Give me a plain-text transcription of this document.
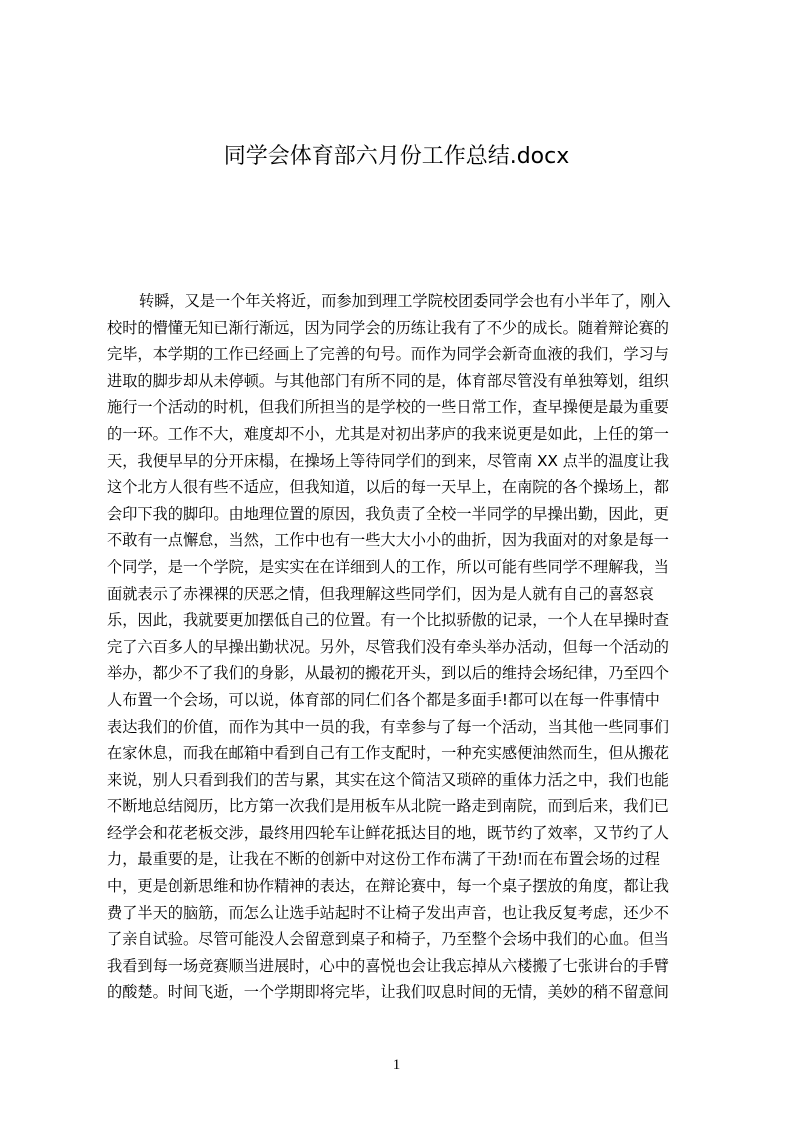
同学会体育部六月份工作总结.docx
转瞬，又是一个年关将近，而参加到理工学院校团委同学会也有小半年了，刚入
校时的懵懂无知已渐行渐远，因为同学会的历练让我有了不少的成长。随着辩论赛的
完毕，本学期的工作已经画上了完善的句号。而作为同学会新奇血液的我们，学习与
进取的脚步却从未停顿。与其他部门有所不同的是，体育部尽管没有单独筹划，组织
施行一个活动的时机，但我们所担当的是学校的一些日常工作，查早操便是最为重要
的一环。工作不大，难度却不小，尤其是对初出茅庐的我来说更是如此，上任的第一
天，我便早早的分开床榻，在操场上等待同学们的到来，尽管南 XX 点半的温度让我
这个北方人很有些不适应，但我知道，以后的每一天早上，在南院的各个操场上，都
会印下我的脚印。由地理位置的原因，我负责了全校一半同学的早操出勤，因此，更
不敢有一点懈怠，当然，工作中也有一些大大小小的曲折，因为我面对的对象是每一
个同学，是一个学院，是实实在在详细到人的工作，所以可能有些同学不理解我，当
面就表示了赤裸裸的厌恶之情，但我理解这些同学们，因为是人就有自己的喜怒哀
乐，因此，我就要更加摆低自己的位置。有一个比拟骄傲的记录，一个人在早操时查
完了六百多人的早操出勤状况。另外，尽管我们没有牵头举办活动，但每一个活动的
举办，都少不了我们的身影，从最初的搬花开头，到以后的维持会场纪律，乃至四个
人布置一个会场，可以说，体育部的同仁们各个都是多面手!都可以在每一件事情中
表达我们的价值，而作为其中一员的我，有幸参与了每一个活动，当其他一些同事们
在家休息，而我在邮箱中看到自己有工作支配时，一种充实感便油然而生，但从搬花
来说，别人只看到我们的苦与累，其实在这个简洁又琐碎的重体力活之中，我们也能
不断地总结阅历，比方第一次我们是用板车从北院一路走到南院，而到后来，我们已
经学会和花老板交涉，最终用四轮车让鲜花抵达目的地，既节约了效率，又节约了人
力，最重要的是，让我在不断的创新中对这份工作布满了干劲!而在布置会场的过程
中，更是创新思维和协作精神的表达，在辩论赛中，每一个桌子摆放的角度，都让我
费了半天的脑筋，而怎么让选手站起时不让椅子发出声音，也让我反复考虑，还少不
了亲自试验。尽管可能没人会留意到桌子和椅子，乃至整个会场中我们的心血。但当
我看到每一场竞赛顺当进展时，心中的喜悦也会让我忘掉从六楼搬了七张讲台的手臂
的酸楚。时间飞逝，一个学期即将完毕，让我们叹息时间的无情，美妙的稍不留意间
1
